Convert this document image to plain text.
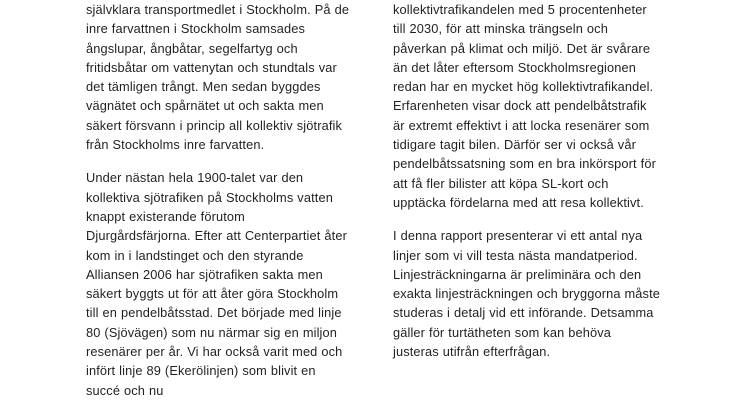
självklara transportmedlet i Stockholm. På de inre farvattnen i Stockholm samsades ångslupar, ångbåtar, segelfartyg och fritidsbåtar om vattenytan och stundtals var det tämligen trångt. Men sedan byggdes vägnätet och spårnätet ut och sakta men säkert försvann i princip all kollektiv sjötrafik från Stockholms inre farvatten.

Under nästan hela 1900-talet var den kollektiva sjötrafiken på Stockholms vatten knappt existerande förutom Djurgårdsfärjorna. Efter att Centerpartiet åter kom in i landstinget och den styrande Alliansen 2006 har sjötrafiken sakta men säkert byggts ut för att åter göra Stockholm till en pendelbåtsstad. Det började med linje 80 (Sjövägen) som nu närmar sig en miljon resenärer per år. Vi har också varit med och infört linje 89 (Ekerölinjen) som blivit en succé och nu

kollektivtrafikandelen med 5 procentenheter till 2030, för att minska trängseln och påverkan på klimat och miljö. Det är svårare än det låter eftersom Stockholmsregionen redan har en mycket hög kollektivtrafikandel. Erfarenheten visar dock att pendelbåtstrafik är extremt effektivt i att locka resenärer som tidigare tagit bilen. Därför ser vi också vår pendelbåtssatsning som en bra inkörsport för att få fler bilister att köpa SL-kort och upptäcka fördelarna med att resa kollektivt.

I denna rapport presenterar vi ett antal nya linjer som vi vill testa nästa mandatperiod. Linjesträckningarna är preliminära och den exakta linjesträckningen och bryggorna måste studeras i detalj vid ett införande. Detsamma gäller för turtätheten som kan behöva justeras utifrån efterfrågan.
